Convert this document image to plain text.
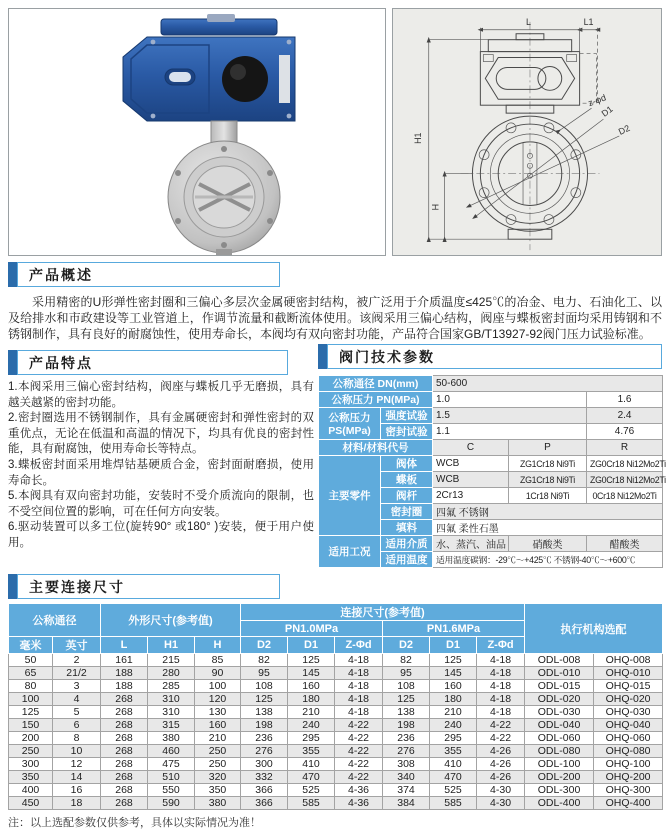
L	L1
H1
H
D1
D2
z-φd
产品概述

采用精密的U形弹性密封圈和三偏心多层次金属硬密封结构，被广泛用于介质温度≤425℃的冶金、电力、石油化工、以及给排水和市政建设等工业管道上，作调节流量和截断流体使用。该阀采用三偏心结构，阀座与蝶板密封面均采用铸钢和不锈钢制作，具有良好的耐腐蚀性，使用寿命长，本阀均有双向密封功能，产品符合国家GB/T13927-92阀门压力试验标准。

产品特点
1.本阀采用三偏心密封结构，阀座与蝶板几乎无磨损，具有越关越紧的密封功能。
2.密封圈选用不锈钢制作，具有金属硬密封和弹性密封的双重优点，无论在低温和高温的情况下，均具有优良的密封性能，具有耐腐蚀，使用寿命长等特点。
3.蝶板密封面采用堆焊钴基硬质合金，密封面耐磨损，使用寿命长。
5.本阀具有双向密封功能，安装时不受介质流向的限制，也不受空间位置的影响，可在任何方向安装。
6.驱动装置可以多工位(旋转90° 或180° )安装，便于用户使用。
阀门技术参数
公称通径 DN(mm)		50-600		
公称压力 PN(MPa)		1.0		1.6
公称压力 PS(MPa)	强度试验	1.5		2.4
	密封试验	1.1		4.76
材料/材料代号		C	P	R
主要零件	阀体	WCB	ZG1Cr18 Ni9Ti	ZG0Cr18 Ni12Mo2Ti
	蝶板	WCB	ZG1Cr18 Ni9Ti	ZG0Cr18 Ni12Mo2Ti
	阀杆	2Cr13	1Cr18 Ni9Ti	0Cr18 Ni12Mo2Ti
	密封圈	四氟 不锈钢		
	填料	四氟 柔性石墨		
适用工况	适用介质	水、蒸汽、油品	硝酸类	醋酸类
	适用温度	适用温度碳钢：-29℃～+425℃ 不锈钢-40℃～+600℃		
主要连接尺寸
公称通径		外形尺寸(参考值)			连接尺寸(参考值)						执行机构选配	
					PN1.0MPa			PN1.6MPa				
毫米	英寸	L	H1	H	D2	D1	Z-Φd	D2	D1	Z-Φd		
50	2	161	215	85	82	125	4-18	82	125	4-18	ODL-008	OHQ-008
65	21/2	188	280	90	95	145	4-18	95	145	4-18	ODL-010	OHQ-010
80	3	188	285	100	108	160	4-18	108	160	4-18	ODL-015	OHQ-015
100	4	268	310	120	125	180	4-18	125	180	4-18	ODL-020	OHQ-020
125	5	268	310	130	138	210	4-18	138	210	4-18	ODL-030	OHQ-030
150	6	268	315	160	198	240	4-22	198	240	4-22	ODL-040	OHQ-040
200	8	268	380	210	236	295	4-22	236	295	4-22	ODL-060	OHQ-060
250	10	268	460	250	276	355	4-22	276	355	4-26	ODL-080	OHQ-080
300	12	268	475	250	300	410	4-22	308	410	4-26	ODL-100	OHQ-100
350	14	268	510	320	332	470	4-22	340	470	4-26	ODL-200	OHQ-200
400	16	268	550	350	366	525	4-36	374	525	4-30	ODL-300	OHQ-300
450	18	268	590	380	366	585	4-36	384	585	4-30	ODL-400	OHQ-400

注：以上选配参数仅供参考，具体以实际情况为准！
